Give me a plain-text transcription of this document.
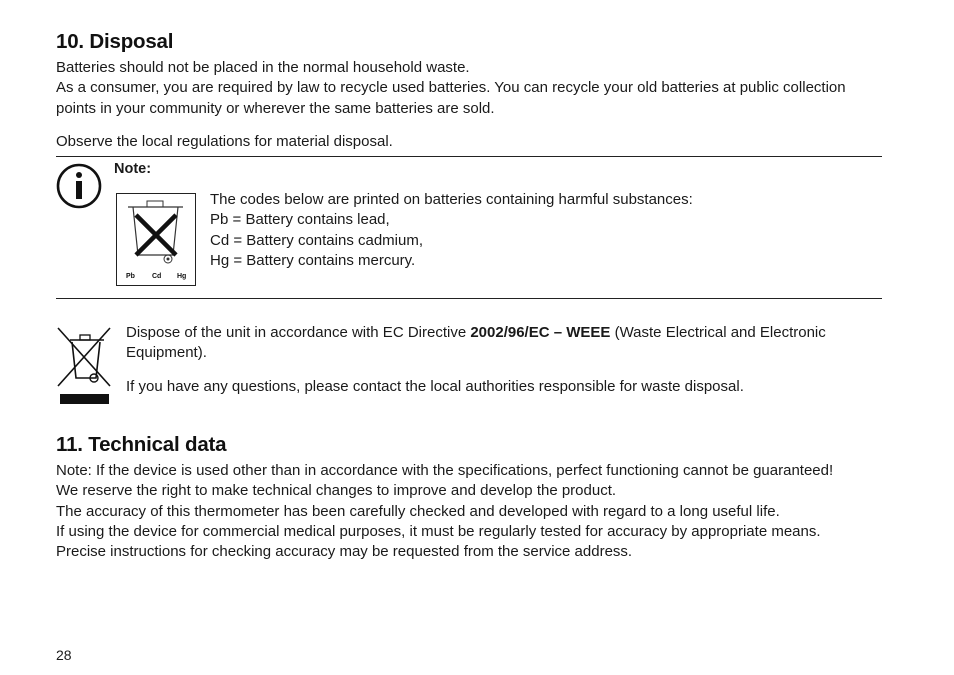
10. Disposal
Batteries should not be placed in the normal household waste.
As a consumer, you are required by law to recycle used batteries. You can recycle your old batteries at public collection
points in your community or wherever the same batteries are sold.
Observe the local regulations for material disposal.
Note:
Pb Cd Hg
The codes below are printed on batteries containing harmful substances:
Pb = Battery contains lead,
Cd = Battery contains cadmium,
Hg = Battery contains mercury.
Dispose of the unit in accordance with EC Directive 2002/96/EC – WEEE (Waste Electrical and Electronic
Equipment).
If you have any questions, please contact the local authorities responsible for waste disposal.
11. Technical data
Note: If the device is used other than in accordance with the specifications, perfect functioning cannot be guaranteed!
We reserve the right to make technical changes to improve and develop the product.
The accuracy of this thermometer has been carefully checked and developed with regard to a long useful life.
If using the device for commercial medical purposes, it must be regularly tested for accuracy by appropriate means.
Precise instructions for checking accuracy may be requested from the service address.
28
